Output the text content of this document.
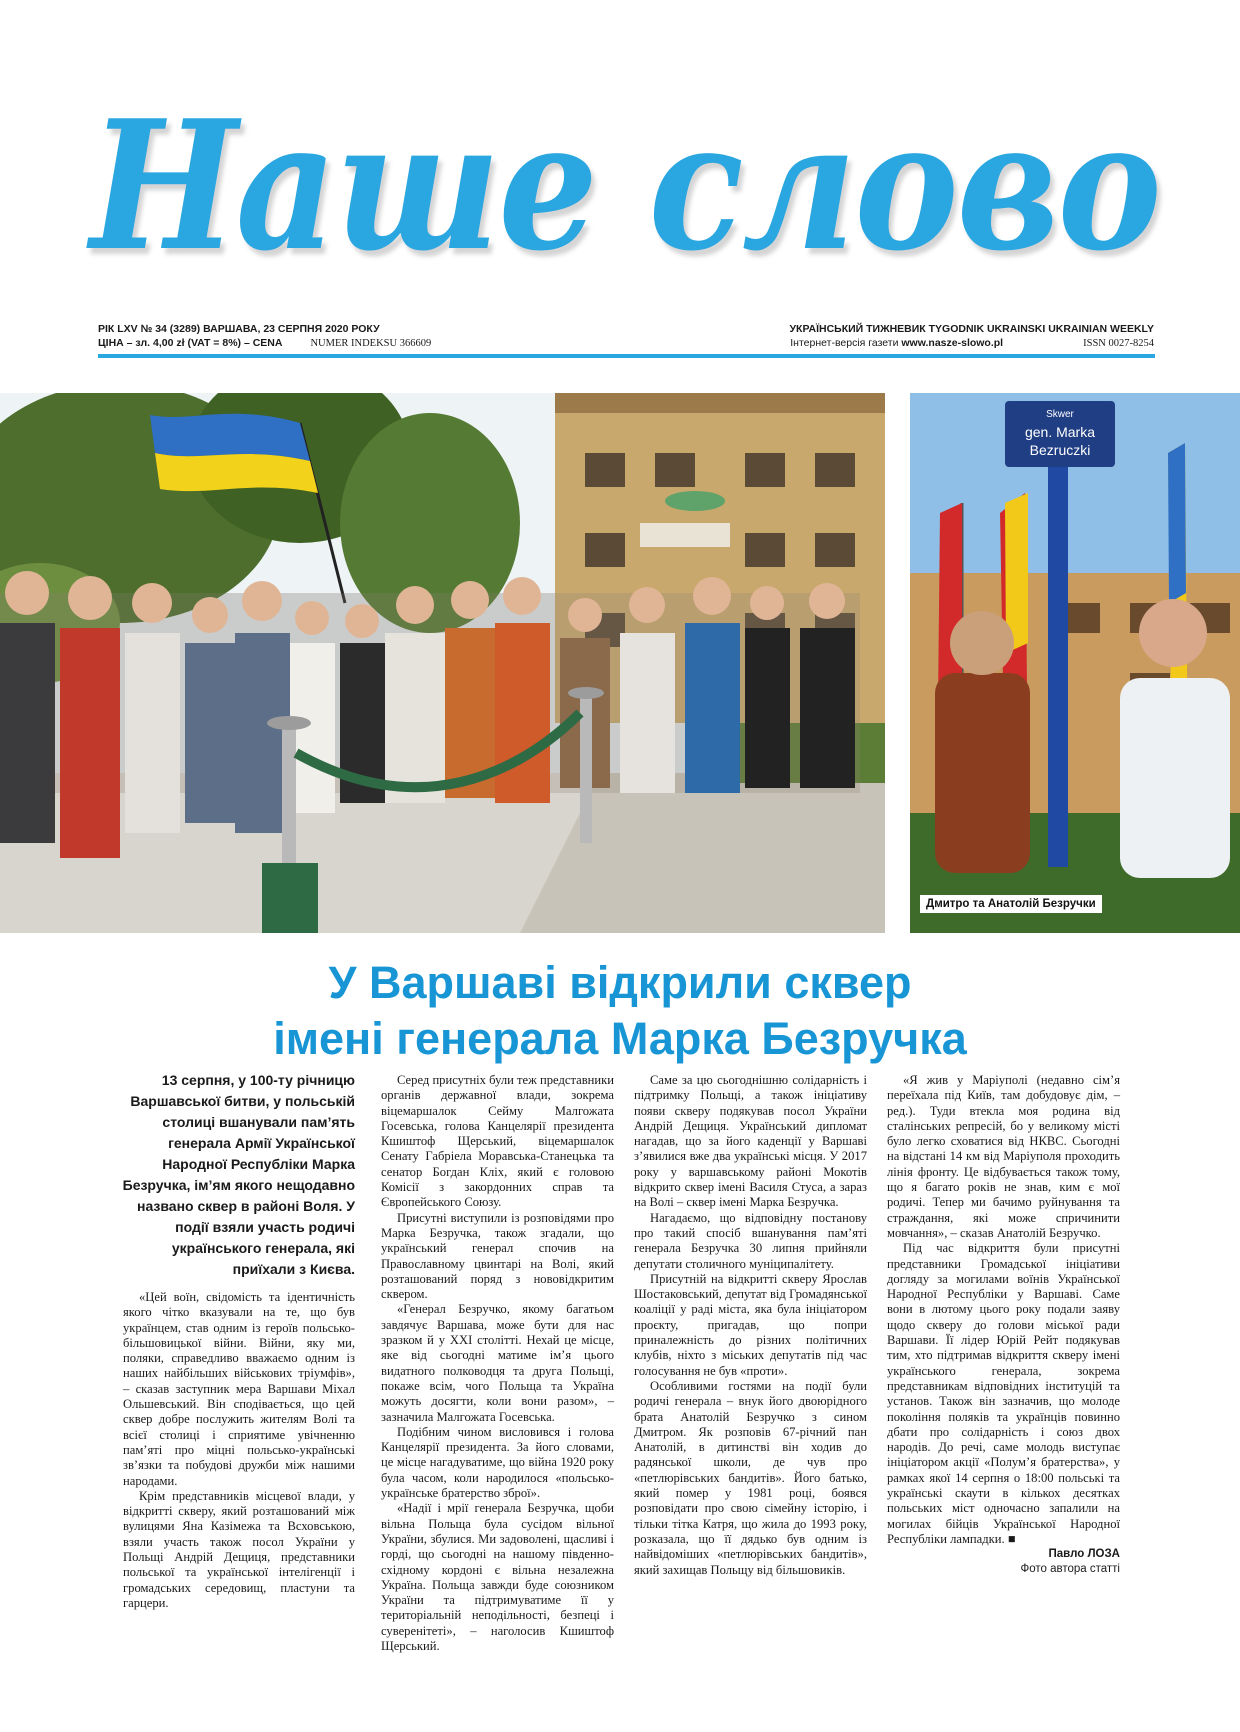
Наше слово
РІК LXV № 34 (3289) ВАРШАВА, 23 СЕРПНЯ 2020 РОКУ
ЦІНА – зл. 4,00 zł (VAT = 8%) – CENA	NUMER INDEKSU 366609
УКРАЇНСЬКИЙ ТИЖНЕВИК TYGODNIK UKRAINSKI UKRAINIAN WEEKLY
Інтернет-версія газети www.nasze-slowo.pl	ISSN 0027-8254
Skwer
gen. Marka
Bezruczki
Дмитро та Анатолій Безручки
У Варшаві відкрили сквер
імені генерала Марка Безручка
13 серпня, у 100-ту річницю Варшавської битви, у польській столиці вшанували пам’ять генерала Армії Української Народної Республіки Марка Безручка, ім’ям якого нещодавно названо сквер в районі Воля. У події взяли участь родичі українського генерала, які приїхали з Києва.

«Цей воїн, свідомість та ідентичність якого чітко вказували на те, що був українцем, став одним із героїв польсько-більшовицької війни. Війни, яку ми, поляки, справедливо вважаємо одним із наших найбільших військових тріумфів», – сказав заступник мера Варшави Міхал Ольшевський. Він сподівається, що цей сквер добре послужить жителям Волі та всієї столиці і сприятиме увічненню пам’яті про міцні польсько-українські зв’язки та побудові дружби між нашими народами.

Крім представників місцевої влади, у відкритті скверу, який розташований між вулицями Яна Казімежа та Всховською, взяли участь також посол України у Польщі Андрій Дещиця, представники польської та української інтелігенції і громадських середовищ, пластуни та гарцери.

Серед присутніх були теж представники органів державної влади, зокрема віцемаршалок Сейму Малгожата Госевська, голова Канцелярії президента Кшиштоф Щерський, віцемаршалок Сенату Габріела Моравська-Станецька та сенатор Богдан Кліх, який є головою Комісії з закордонних справ та Європейського Союзу.

Присутні виступили із розповідями про Марка Безручка, також згадали, що український генерал спочив на Православному цвинтарі на Волі, який розташований поряд з нововідкритим сквером.

«Генерал Безручко, якому багатьом завдячує Варшава, може бути для нас зразком й у XXI столітті. Нехай це місце, яке від сьогодні матиме ім’я цього видатного полководця та друга Польщі, покаже всім, чого Польща та Україна можуть досягти, коли вони разом», – зазначила Малгожата Госевська.

Подібним чином висловився і голова Канцелярії президента. За його словами, це місце нагадуватиме, що війна 1920 року була часом, коли народилося «польсько-українське братерство зброї».

«Надії і мрії генерала Безручка, щоби вільна Польща була сусідом вільної України, збулися. Ми задоволені, щасливі і горді, що сьогодні на нашому південно-східному кордоні є вільна незалежна Україна. Польща завжди буде союзником України та підтримуватиме її у територіальній неподільності, безпеці і суверенітеті», – наголосив Кшиштоф Щерський.

Саме за цю сьогоднішню солідарність і підтримку Польщі, а також ініціативу появи скверу подякував посол України Андрій Дещиця. Український дипломат нагадав, що за його каденції у Варшаві з’явилися вже два українські місця. У 2017 року у варшавському районі Мокотів відкрито сквер імені Василя Стуса, а зараз на Волі – сквер імені Марка Безручка.

Нагадаємо, що відповідну постанову про такий спосіб вшанування пам’яті генерала Безручка 30 липня прийняли депутати столичного муніципалітету.

Присутній на відкритті скверу Ярослав Шостаковський, депутат від Громадянської коаліції у раді міста, яка була ініціатором проєкту, пригадав, що попри приналежність до різних політичних клубів, ніхто з міських депутатів під час голосування не був «проти».

Особливими гостями на події були родичі генерала – внук його двоюрідного брата Анатолій Безручко з сином Дмитром. Як розповів 67-річний пан Анатолій, в дитинстві він ходив до радянської школи, де чув про «петлюрівських бандитів». Його батько, який помер у 1981 році, боявся розповідати про свою сімейну історію, і тільки тітка Катря, що жила до 1993 року, розказала, що її дядько був одним із найвідоміших «петлюрівських бандитів», який захищав Польщу від більшовиків.

«Я жив у Маріуполі (недавно сім’я переїхала під Київ, там добудовує дім, – ред.). Туди втекла моя родина від сталінських репресій, бо у великому місті було легко сховатися від НКВС. Сьогодні на відстані 14 км від Маріуполя проходить лінія фронту. Це відбувається також тому, що я багато років не знав, ким є мої родичі. Тепер ми бачимо руйнування та страждання, які може спричинити мовчання», – сказав Анатолій Безручко.

Під час відкриття були присутні представники Громадської ініціативи догляду за могилами воїнів Української Народної Республіки у Варшаві. Саме вони в лютому цього року подали заяву щодо скверу до голови міської ради Варшави. Її лідер Юрій Рейт подякував тим, хто підтримав відкриття скверу імені українського генерала, зокрема представникам відповідних інституцій та установ. Також він зазначив, що молоде покоління поляків та українців повинно дбати про солідарність і союз двох народів. До речі, саме молодь виступає ініціатором акції «Полум’я братерства», у рамках якої 14 серпня о 18:00 польські та українські скаути в кількох десятках польських міст одночасно запалили на могилах бійців Української Народної Республіки лампадки. ■

Павло ЛОЗА
Фото автора статті
